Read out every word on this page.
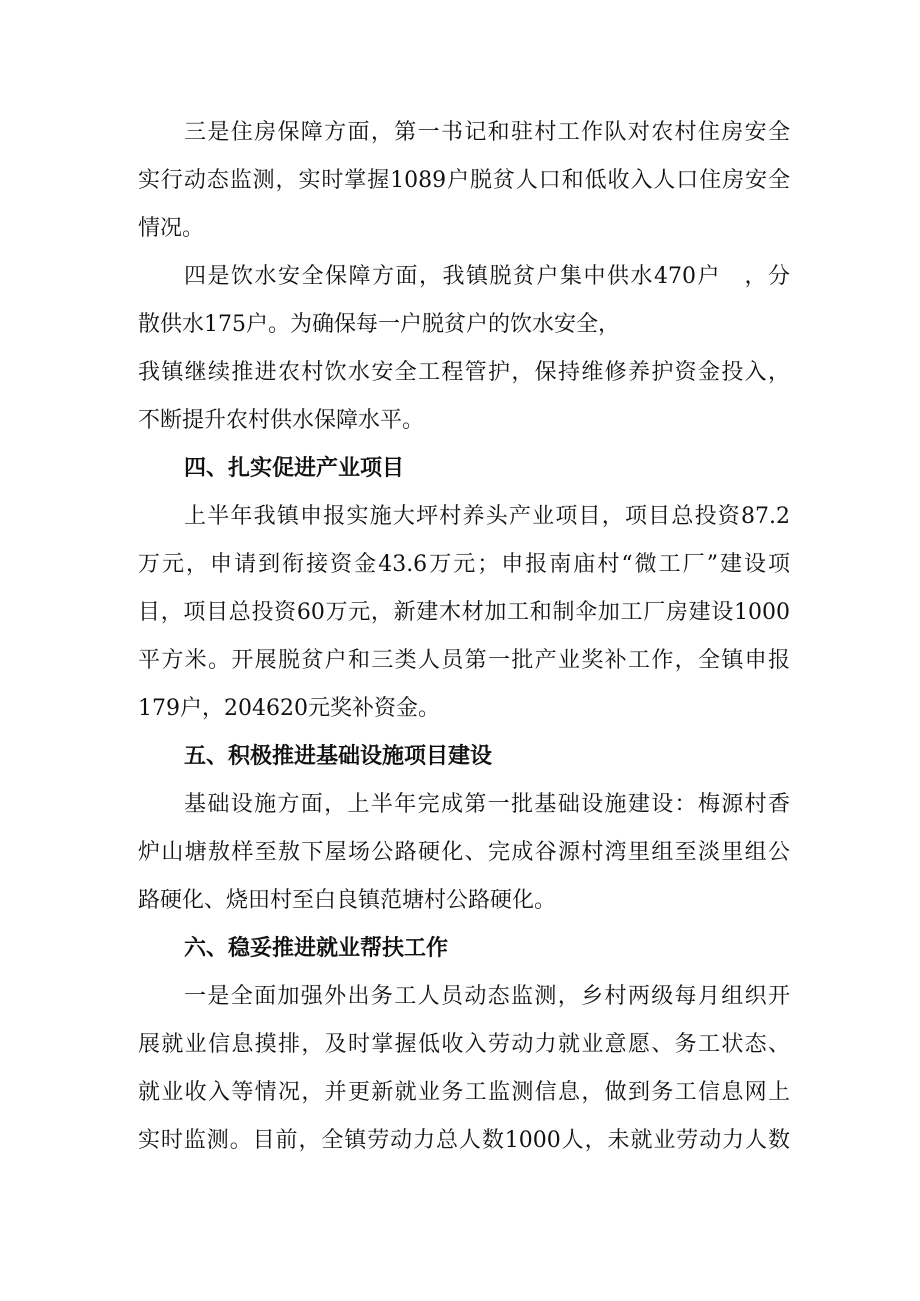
三是住房保障方面，第一书记和驻村工作队对农村住房安全
实行动态监测，实时掌握1089户脱贫人口和低收入人口住房安全
情况。
四是饮水安全保障方面，我镇脱贫户集中供水470户　，分
散供水175户。为确保每一户脱贫户的饮水安全，
我镇继续推进农村饮水安全工程管护，保持维修养护资金投入，
不断提升农村供水保障水平。
四、扎实促进产业项目
上半年我镇申报实施大坪村养头产业项目，项目总投资87.2
万元，申请到衔接资金43.6万元；申报南庙村“微工厂”建设项
目，项目总投资60万元，新建木材加工和制伞加工厂房建设1000
平方米。开展脱贫户和三类人员第一批产业奖补工作，全镇申报
179户，204620元奖补资金。
五、积极推进基础设施项目建设
基础设施方面，上半年完成第一批基础设施建设：梅源村香
炉山塘敖样至敖下屋场公路硬化、完成谷源村湾里组至淡里组公
路硬化、烧田村至白良镇范塘村公路硬化。
六、稳妥推进就业帮扶工作
一是全面加强外出务工人员动态监测，乡村两级每月组织开
展就业信息摸排，及时掌握低收入劳动力就业意愿、务工状态、
就业收入等情况，并更新就业务工监测信息，做到务工信息网上
实时监测。目前，全镇劳动力总人数1000人，未就业劳动力人数
